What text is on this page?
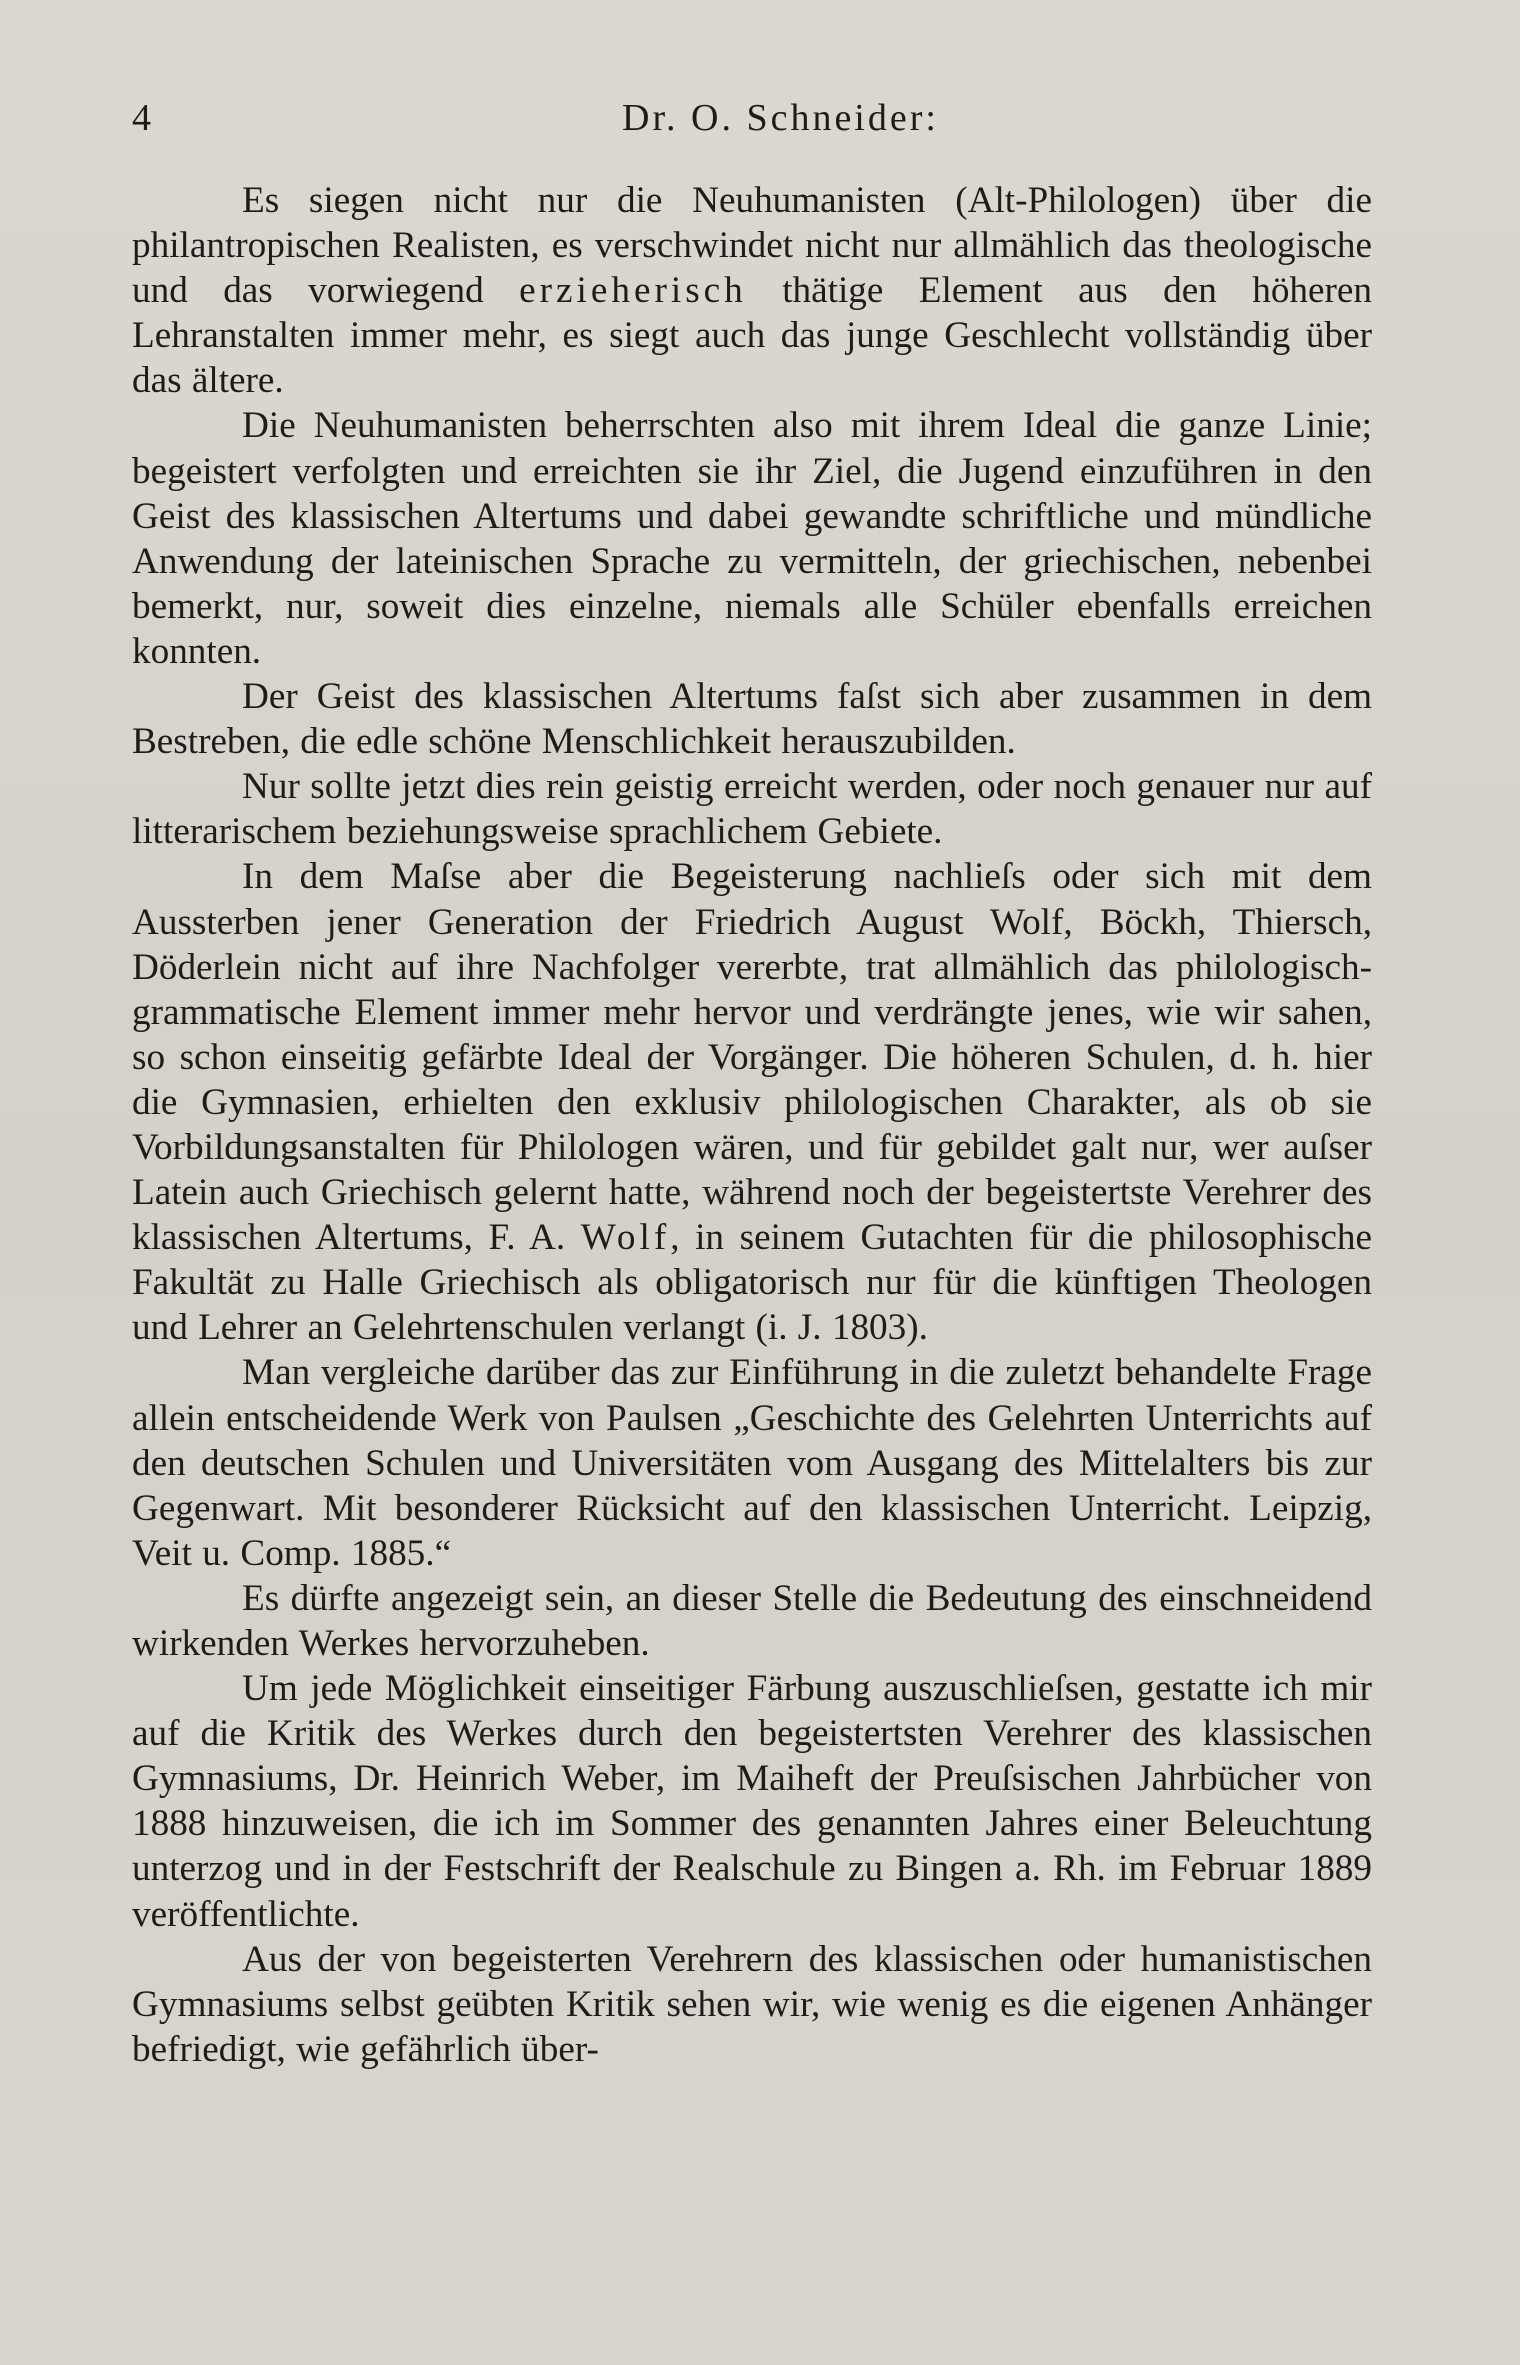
4	Dr. O. Schneider:

Es siegen nicht nur die Neuhumanisten (Alt-Philologen) über die philantropischen Realisten, es verschwindet nicht nur allmählich das theologische und das vorwiegend erzieherisch thätige Element aus den höheren Lehranstalten immer mehr, es siegt auch das junge Geschlecht vollständig über das ältere.

Die Neuhumanisten beherrschten also mit ihrem Ideal die ganze Linie; begeistert verfolgten und erreichten sie ihr Ziel, die Jugend einzuführen in den Geist des klassischen Altertums und dabei gewandte schriftliche und mündliche Anwendung der lateinischen Sprache zu vermitteln, der griechischen, nebenbei bemerkt, nur, soweit dies einzelne, niemals alle Schüler ebenfalls erreichen konnten.

Der Geist des klassischen Altertums faſst sich aber zusammen in dem Bestreben, die edle schöne Menschlichkeit herauszubilden.

Nur sollte jetzt dies rein geistig erreicht werden, oder noch genauer nur auf litterarischem beziehungsweise sprachlichem Gebiete.

In dem Maſse aber die Begeisterung nachlieſs oder sich mit dem Aussterben jener Generation der Friedrich August Wolf, Böckh, Thiersch, Döderlein nicht auf ihre Nachfolger vererbte, trat allmählich das philologisch-grammatische Element immer mehr hervor und verdrängte jenes, wie wir sahen, so schon einseitig gefärbte Ideal der Vorgänger. Die höheren Schulen, d. h. hier die Gymnasien, erhielten den exklusiv philologischen Charakter, als ob sie Vorbildungsanstalten für Philologen wären, und für gebildet galt nur, wer auſser Latein auch Griechisch gelernt hatte, während noch der begeistertste Verehrer des klassischen Altertums, F. A. Wolf, in seinem Gutachten für die philosophische Fakultät zu Halle Griechisch als obligatorisch nur für die künftigen Theologen und Lehrer an Gelehrtenschulen verlangt (i. J. 1803).

Man vergleiche darüber das zur Einführung in die zuletzt behandelte Frage allein entscheidende Werk von Paulsen „Geschichte des Gelehrten Unterrichts auf den deutschen Schulen und Universitäten vom Ausgang des Mittelalters bis zur Gegenwart. Mit besonderer Rücksicht auf den klassischen Unterricht. Leipzig, Veit u. Comp. 1885.“

Es dürfte angezeigt sein, an dieser Stelle die Bedeutung des einschneidend wirkenden Werkes hervorzuheben.

Um jede Möglichkeit einseitiger Färbung auszuschlieſsen, gestatte ich mir auf die Kritik des Werkes durch den begeistertsten Verehrer des klassischen Gymnasiums, Dr. Heinrich Weber, im Maiheft der Preuſsischen Jahrbücher von 1888 hinzuweisen, die ich im Sommer des genannten Jahres einer Beleuchtung unterzog und in der Festschrift der Realschule zu Bingen a. Rh. im Februar 1889 veröffentlichte.

Aus der von begeisterten Verehrern des klassischen oder humanistischen Gymnasiums selbst geübten Kritik sehen wir, wie wenig es die eigenen Anhänger befriedigt, wie gefährlich über-
